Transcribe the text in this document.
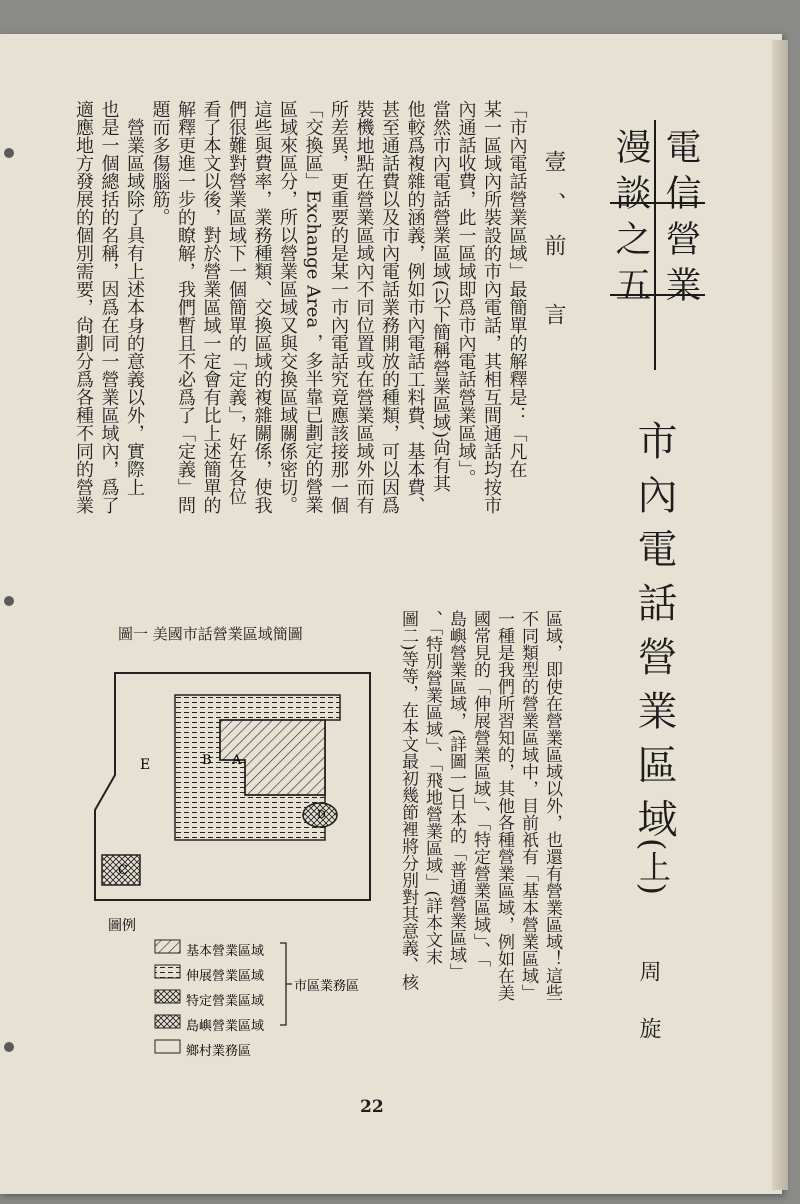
電信營業
漫談之五
市內電話營業區域
(上)
周 旋
壹、前 言
「市內電話營業區域」最簡單的解釋是：「凡在
某一區域內所裝設的市內電話，其相互間通話均按市
內通話收費，此一區域即爲市內電話營業區域」。
當然市內電話營業區域(以下簡稱營業區域)尙有其
他較爲複雜的涵義，例如市內電話工料費、基本費、
甚至通話費以及市內電話業務開放的種類，可以因爲
裝機地點在營業區域內不同位置或在營業區域外而有
所差異，更重要的是某一市內電話究竟應該接那一個
「交換區」Exchange Area ，多半靠已劃定的營業
區域來區分，所以營業區域又與交換區域關係密切。
這些與費率，業務種類、交換區域的複雜關係，使我
們很難對營業區域下一個簡單的「定義」，好在各位
看了本文以後，對於營業區域一定會有比上述簡單的
解釋更進一步的瞭解，我們暫且不必爲了「定義」問
題而多傷腦筋。
　營業區域除了具有上述本身的意義以外，實際上
也是一個總括的名稱，因爲在同一營業區域內，爲了
適應地方發展的個別需要，尙劃分爲各種不同的營業
區域，即使在營業區域以外，也還有營業區域！這些
不同類型的營業區域中，目前祇有「基本營業區域」
一種是我們所習知的，其他各種營業區域，例如在美
國常見的「伸展營業區域」、「特定營業區域」、「
島嶼營業區域，(詳圖一)日本的「普通營業區域」
、「特別營業區域」、「飛地營業區域」(詳本文末
圖二)等等，在本文最初幾節裡將分別對其意義、核
圖一 美國市話營業區域簡圖
A
B
C
D
E
圖例
基本營業區域
伸展營業區域
特定營業區域
島嶼營業區域
鄉村業務區
市區業務區
22
